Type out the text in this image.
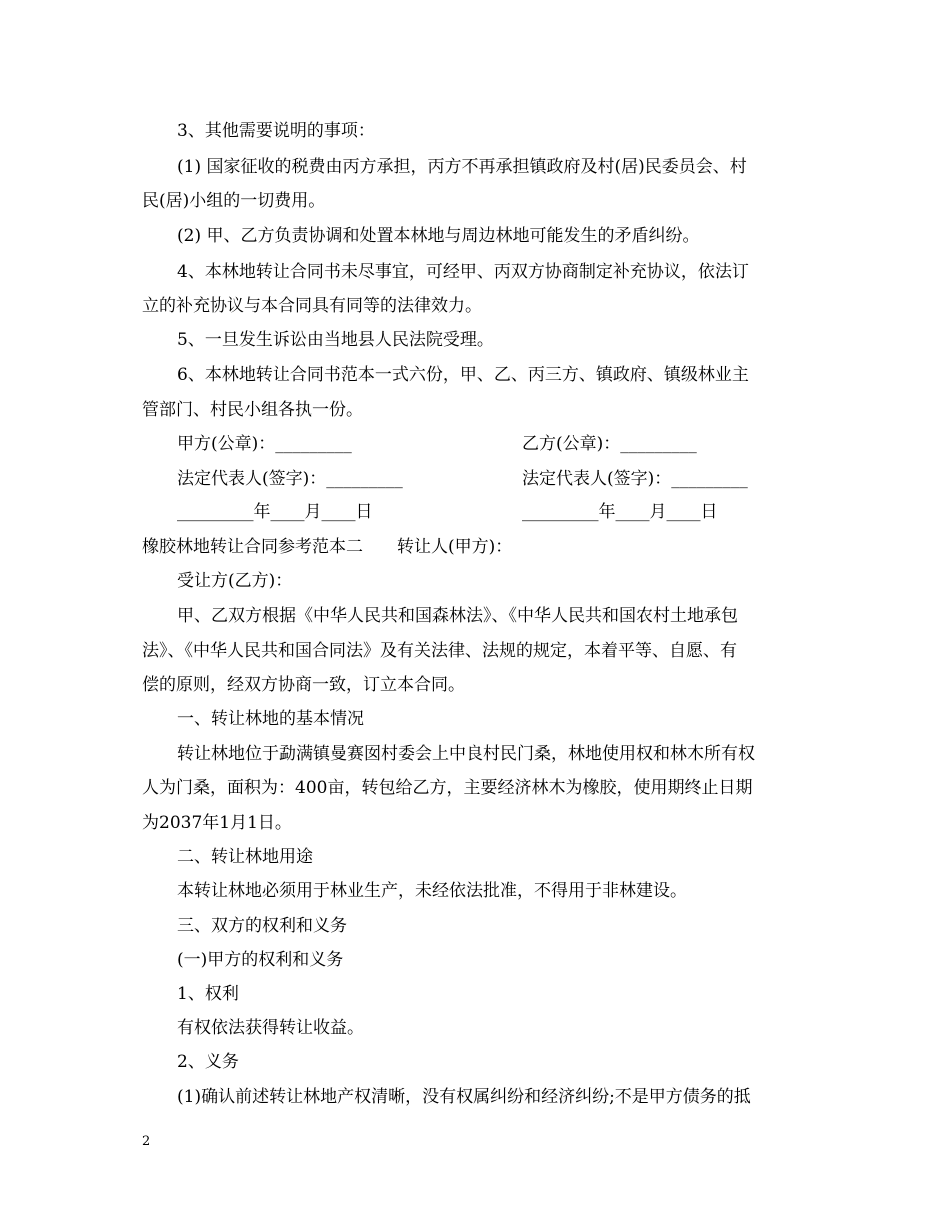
3、其他需要说明的事项：
(1) 国家征收的税费由丙方承担，丙方不再承担镇政府及村(居)民委员会、村
民(居)小组的一切费用。
(2) 甲、乙方负责协调和处置本林地与周边林地可能发生的矛盾纠纷。
4、本林地转让合同书未尽事宜，可经甲、丙双方协商制定补充协议，依法订
立的补充协议与本合同具有同等的法律效力。
5、一旦发生诉讼由当地县人民法院受理。
6、本林地转让合同书范本一式六份，甲、乙、丙三方、镇政府、镇级林业主
管部门、村民小组各执一份。
甲方(公章)：_________	乙方(公章)：_________
法定代表人(签字)：_________	法定代表人(签字)：_________
_________年____月____日	_________年____月____日
橡胶林地转让合同参考范本二　　转让人(甲方)：
受让方(乙方)：
甲、乙双方根据《中华人民共和国森林法》、《中华人民共和国农村土地承包
法》、《中华人民共和国合同法》及有关法律、法规的规定，本着平等、自愿、有
偿的原则，经双方协商一致，订立本合同。
一、转让林地的基本情况
转让林地位于勐满镇曼赛囡村委会上中良村民门桑，林地使用权和林木所有权
人为门桑，面积为：400亩，转包给乙方，主要经济林木为橡胶，使用期终止日期
为2037年1月1日。
二、转让林地用途
本转让林地必须用于林业生产，未经依法批准，不得用于非林建设。
三、双方的权利和义务
(一)甲方的权利和义务
1、权利
有权依法获得转让收益。
2、义务
(1)确认前述转让林地产权清晰，没有权属纠纷和经济纠纷;不是甲方债务的抵
2
